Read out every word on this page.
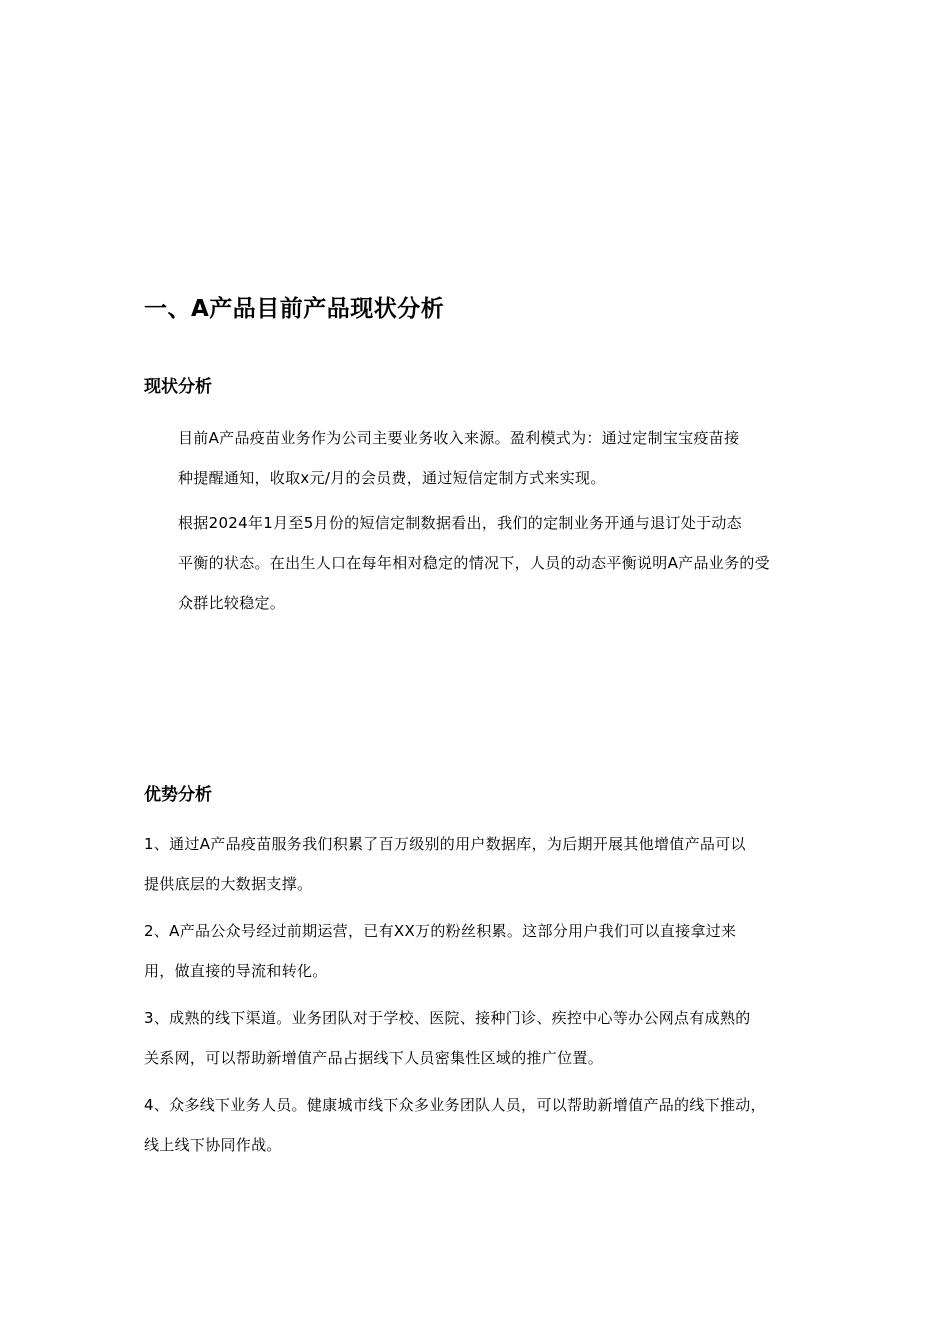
一、A产品目前产品现状分析
现状分析

目前A产品疫苗业务作为公司主要业务收入来源。盈利模式为：通过定制宝宝疫苗接
种提醒通知，收取x元/月的会员费，通过短信定制方式来实现。

根据2024年1月至5月份的短信定制数据看出，我们的定制业务开通与退订处于动态
平衡的状态。在出生人口在每年相对稳定的情况下，人员的动态平衡说明A产品业务的受
众群比较稳定。

优势分析

1、通过A产品疫苗服务我们积累了百万级别的用户数据库，为后期开展其他增值产品可以
提供底层的大数据支撑。

2、A产品公众号经过前期运营，已有XX万的粉丝积累。这部分用户我们可以直接拿过来
用，做直接的导流和转化。

3、成熟的线下渠道。业务团队对于学校、医院、接种门诊、疾控中心等办公网点有成熟的
关系网，可以帮助新增值产品占据线下人员密集性区域的推广位置。

4、众多线下业务人员。健康城市线下众多业务团队人员，可以帮助新增值产品的线下推动，
线上线下协同作战。
